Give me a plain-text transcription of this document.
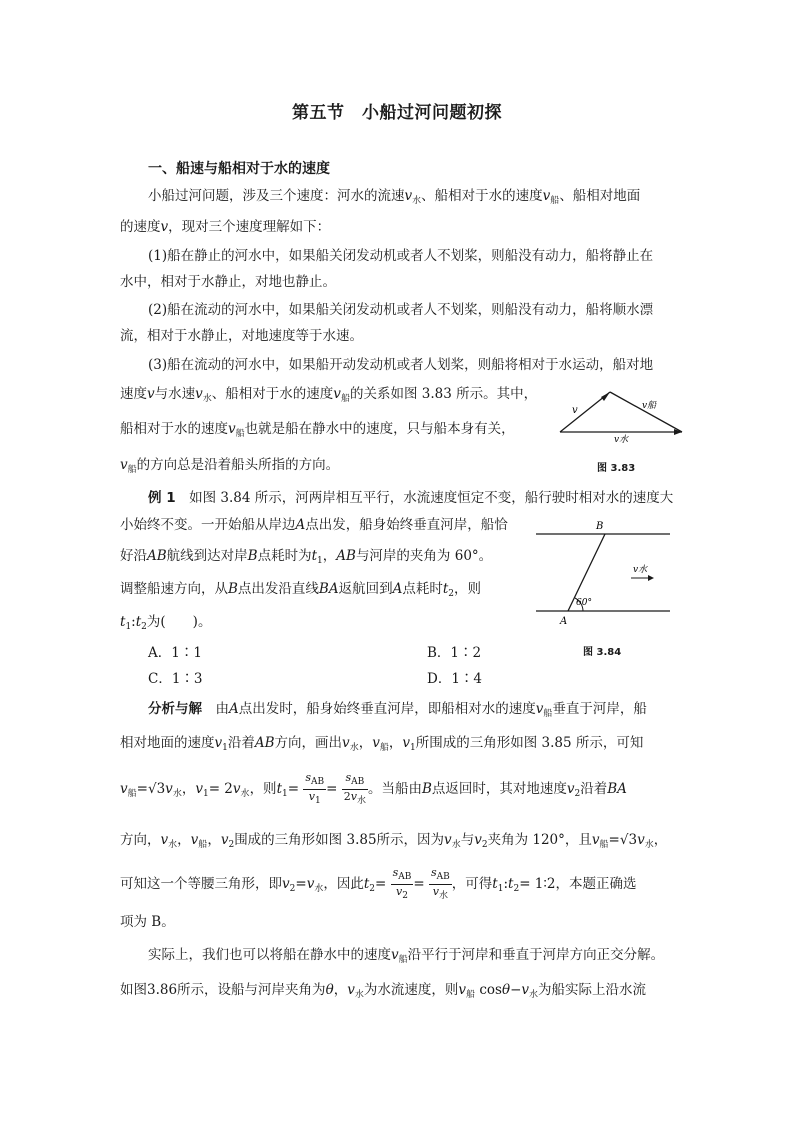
第五节　小船过河问题初探
一、船速与船相对于水的速度
小船过河问题，涉及三个速度：河水的流速$v_水$、船相对于水的速度$v_船$、船相对地面
的速度v，现对三个速度理解如下：
(1)船在静止的河水中，如果船关闭发动机或者人不划桨，则船没有动力，船将静止在
水中，相对于水静止，对地也静止。
(2)船在流动的河水中，如果船关闭发动机或者人不划桨，则船没有动力，船将顺水漂
流，相对于水静止，对地速度等于水速。
(3)船在流动的河水中，如果船开动发动机或者人划桨，则船将相对于水运动，船对地
速度v与水速$v_水$、船相对于水的速度$v_船$的关系如图 3.83 所示。其中，
船相对于水的速度$v_船$也就是船在静水中的速度，只与船本身有关，
$v_船$的方向总是沿着船头所指的方向。
v	v船
v水
图 3.83
例 1　如图 3.84 所示，河两岸相互平行，水流速度恒定不变，船行驶时相对水的速度大
小始终不变。一开始船从岸边A点出发，船身始终垂直河岸，船恰
好沿AB航线到达对岸B点耗时为$t_1$，AB与河岸的夹角为 60°。
调整船速方向，从B点出发沿直线BA返航回到A点耗时$t_2$，则
$t_1:t_2$为(　　)。
B
A
60°
v水
图 3.84
A．1∶1	B．1∶2
C．1∶3	D．1∶4
分析与解　由A点出发时，船身始终垂直河岸，即船相对水的速度$v_船$垂直于河岸，船
相对地面的速度$v_1$沿着AB方向，画出$v_水$，$v_船$，$v_1$所围成的三角形如图 3.85 所示，可知
$v_船=√3v_水$，$v_1= 2v_水$，则$t_1= \frac{s_{AB}}{v_1} = \frac{s_{AB}}{2v_水}$ 。当船由B点返回时，其对地速度$v_2$沿着BA
方向，$v_水$，$v_船$，$v_2$围成的三角形如图 3.85所示，因为$v_水$与$v_2$夹角为 120°，且$v_船=√3v_水$，
可知这一个等腰三角形，即$v_2=v_水$，因此$t_2= \frac{s_{AB}}{v_2} = \frac{s_{AB}}{v_水}$ ，可得$t_1:t_2=$ 1∶2，本题正确选
项为 B。
实际上，我们也可以将船在静水中的速度$v_船$沿平行于河岸和垂直于河岸方向正交分解。
如图3.86所示，设船与河岸夹角为θ，$v_水$为水流速度，则$v_船$ $\cos\theta-v_水$为船实际上沿水流
